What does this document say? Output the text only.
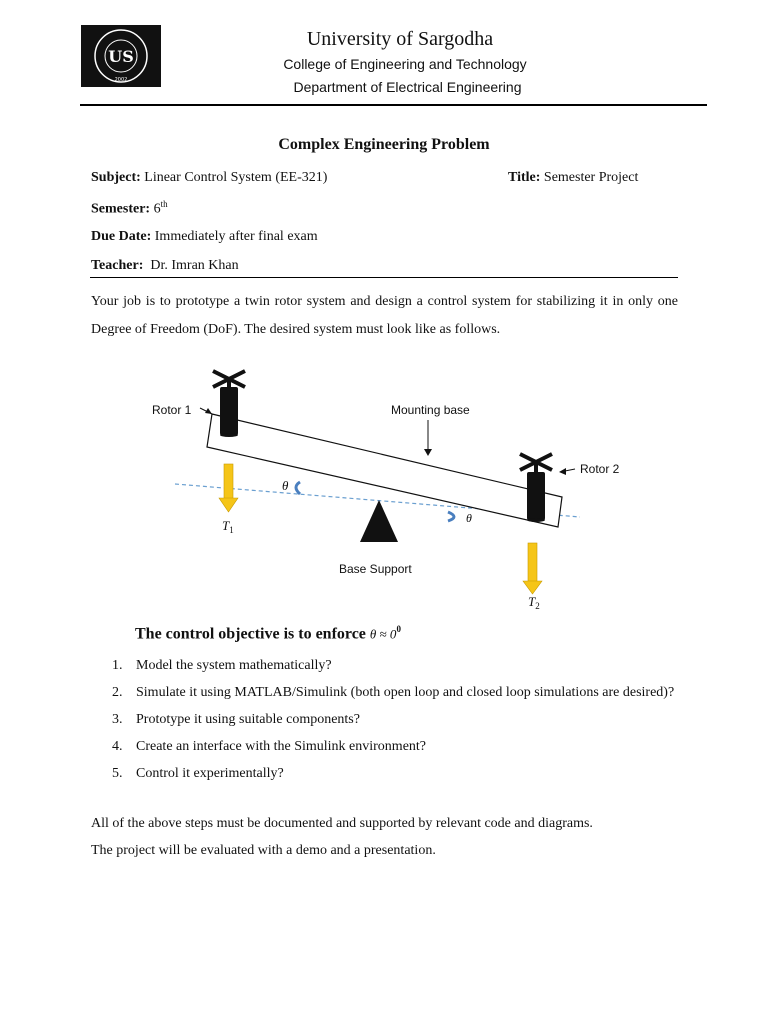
US
2002
University of Sargodha
College of Engineering and Technology
Department of Electrical Engineering
Complex Engineering Problem
Subject: Linear Control System (EE-321)	Title: Semester Project
Semester: 6th
Due Date: Immediately after final exam
Teacher: Dr. Imran Khan
Your job is to prototype a twin rotor system and design a control system for stabilizing it in only one Degree of Freedom (DoF). The desired system must look like as follows.
Rotor 1	Mounting base
Rotor 2
Base Support
θ
θ
$T_1$
$T_2$
The control objective is to enforce $\theta \approx 0^0$
1. Model the system mathematically?
2. Simulate it using MATLAB/Simulink (both open loop and closed loop simulations are desired)?
3. Prototype it using suitable components?
4. Create an interface with the Simulink environment?
5. Control it experimentally?
All of the above steps must be documented and supported by relevant code and diagrams.
The project will be evaluated with a demo and a presentation.
